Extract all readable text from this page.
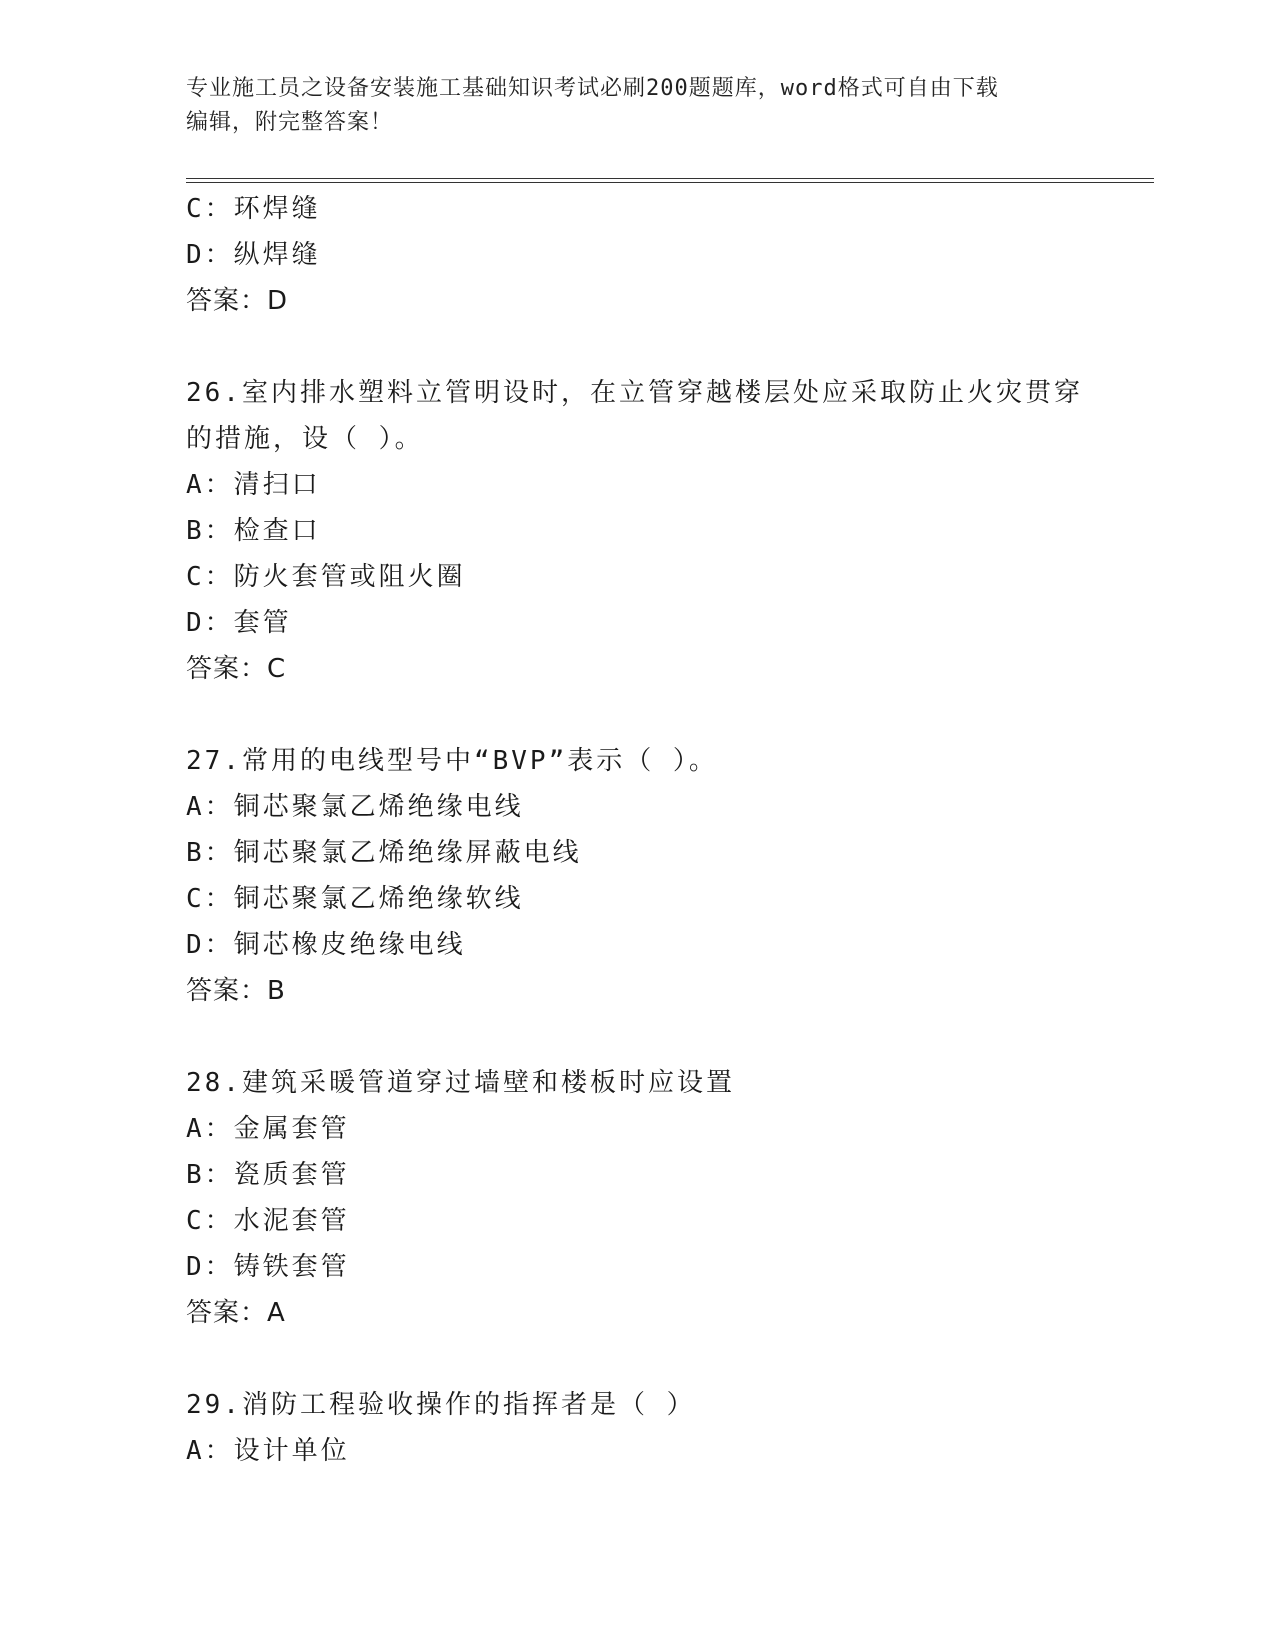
专业施工员之设备安装施工基础知识考试必刷200题题库，word格式可自由下载
编辑，附完整答案！
C：环焊缝
D：纵焊缝
答案：D
26.室内排水塑料立管明设时，在立管穿越楼层处应采取防止火灾贯穿
的措施，设（ ）。
A：清扫口
B：检查口
C：防火套管或阻火圈
D：套管
答案：C
27.常用的电线型号中“BVP”表示（ ）。
A：铜芯聚氯乙烯绝缘电线
B：铜芯聚氯乙烯绝缘屏蔽电线
C：铜芯聚氯乙烯绝缘软线
D：铜芯橡皮绝缘电线
答案：B
28.建筑采暖管道穿过墙壁和楼板时应设置
A：金属套管
B：瓷质套管
C：水泥套管
D：铸铁套管
答案：A
29.消防工程验收操作的指挥者是（ ）
A：设计单位
